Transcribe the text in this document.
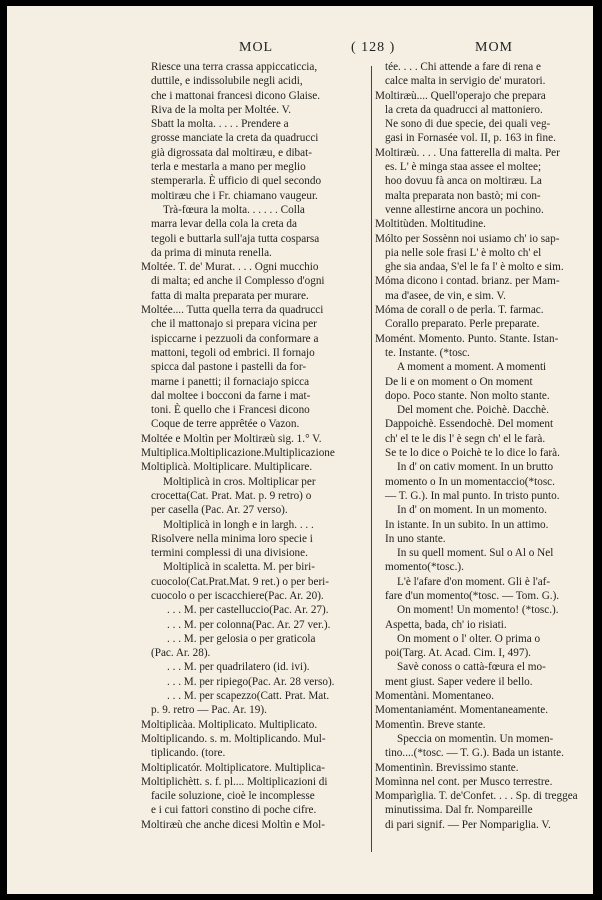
MOL	( 128 )	MOM
Riesce una terra crassa appiccaticcia,
duttile, e indissolubile negli acidi,
che i mattonai francesi dicono Glaise.
Riva de la molta per Moltée. V.
Sbatt la molta. . . . . Prendere a
grosse manciate la creta da quadrucci
già digrossata dal moltiræu, e dibat-
terla e mestarla a mano per meglio
stemperarla. È ufficio di quel secondo
moltiræu che i Fr. chiamano vaugeur.
Trà-fœura la molta. . . . . . Colla
marra levar della cola la creta da
tegoli e buttarla sull'aja tutta cosparsa
da prima di minuta renella.
Moltée. T. de' Murat. . . . Ogni mucchio
di malta; ed anche il Complesso d'ogni
fatta di malta preparata per murare.
Moltée.... Tutta quella terra da quadrucci
che il mattonajo si prepara vicina per
ispiccarne i pezzuoli da conformare a
mattoni, tegoli od embrici. Il fornajo
spicca dal pastone i pastelli da for-
marne i panetti; il fornaciajo spicca
dal moltee i bocconi da farne i mat-
toni. È quello che i Francesi dicono
Coque de terre apprêtée o Vazon.
Moltée e Moltìn per Moltiræù sig. 1.° V.
Multiplica.Moltiplicazione.Multiplicazione
Moltiplicà. Moltiplicare. Multiplicare.
Moltiplicà in cros. Moltiplicar per
crocetta(Cat. Prat. Mat. p. 9 retro) o
per casella (Pac. Ar. 27 verso).
Moltiplicà in longh e in largh. . . .
Risolvere nella minima loro specie i
termini complessi di una divisione.
Moltiplicà in scaletta. M. per biri-
cuocolo(Cat.Prat.Mat. 9 ret.) o per beri-
cuocolo o per iscacchiere(Pac. Ar. 20).
. . . M. per castelluccio(Pac. Ar. 27).
. . . M. per colonna(Pac. Ar. 27 ver.).
. . . M. per gelosia o per graticola
(Pac. Ar. 28).
. . . M. per quadrilatero (id. ivi).
. . . M. per ripiego(Pac. Ar. 28 verso).
. . . M. per scapezzo(Catt. Prat. Mat.
p. 9. retro — Pac. Ar. 19).
Moltiplicàa. Moltiplicato. Multiplicato.
Moltiplicando. s. m. Moltiplicando. Mul-
tiplicando. (tore.
Moltiplicatór. Moltiplicatore. Multiplica-
Moltiplichètt. s. f. pl.... Moltiplicazioni di
facile soluzione, cioè le incomplesse
e i cui fattori constino di poche cifre.
Moltiræù che anche dicesi Moltìn e Mol-
tée. . . . Chi attende a fare di rena e
calce malta in servigio de' muratori.
Moltiræù.... Quell'operajo che prepara
la creta da quadrucci al mattoniero.
Ne sono di due specie, dei quali veg-
gasi in Fornasée vol. II, p. 163 in fine.
Moltiræù. . . . Una fatterella di malta. Per
es. L' è minga staa assee el moltee;
hoo dovuu fà anca on moltiræu. La
malta preparata non bastò; mi con-
venne allestirne ancora un pochino.
Moltitùden. Moltitudine.
Mólto per Sossènn noi usiamo ch' io sap-
pia nelle sole frasi L' è molto ch' el
ghe sia andaa, S'el le fa l' è molto e sim.
Móma dicono i contad. brianz. per Mam-
ma d'asee, de vin, e sim. V.
Móma de corall o de perla. T. farmac.
Corallo preparato. Perle preparate.
Momént. Momento. Punto. Stante. Istan-
te. Instante. (*tosc.
A moment a moment. A momenti
De li e on moment o On moment
dopo. Poco stante. Non molto stante.
Del moment che. Poichè. Dacchè.
Dappoichè. Essendochè. Del moment
ch' el te le dis l' è segn ch' el le farà.
Se te lo dice o Poichè te lo dice lo farà.
In d' on cativ moment. In un brutto
momento o In un momentaccio(*tosc.
— T. G.). In mal punto. In tristo punto.
In d' on moment. In un momento.
In istante. In un subito. In un attimo.
In uno stante.
In su quell moment. Sul o Al o Nel
momento(*tosc.).
L'è l'afare d'on moment. Gli è l'af-
fare d'un momento(*tosc. — Tom. G.).
On moment! Un momento! (*tosc.).
Aspetta, bada, ch' io risiati.
On moment o l' olter. O prima o
poi(Targ. At. Acad. Cim. I, 497).
Savè conoss o cattà-fœura el mo-
ment giust. Saper vedere il bello.
Momentàni. Momentaneo.
Momentaniamént. Momentaneamente.
Momentìn. Breve stante.
Speccia on momentìn. Un momen-
tino....(*tosc. — T. G.). Bada un istante.
Momentinìn. Brevissimo stante.
Momìnna nel cont. per Musco terrestre.
Momparìglia. T. de'Confet. . . . Sp. di treggea
minutissima. Dal fr. Nompareille
di pari signif. — Per Nompariglia. V.
